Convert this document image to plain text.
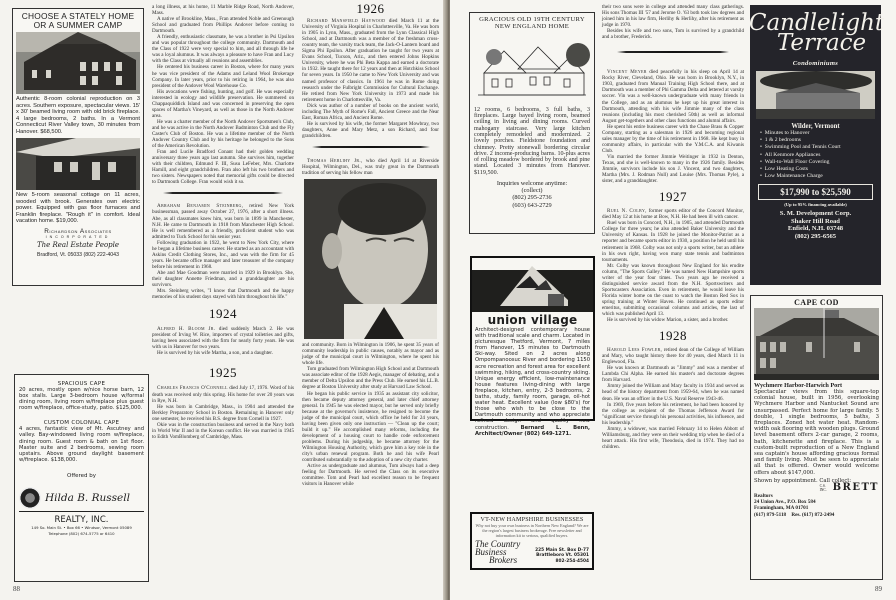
CHOOSE A STATELY HOME OR A SUMMER CAMP
Authentic 8-room colonial reproduction on 3 acres. Southern exposure, spectacular views. 15' x 30' beamed living room with old brick fireplace. 4 large bedrooms, 2 baths. In a Vermont Connecticut River Valley town, 30 minutes from Hanover. $68,500.
New 5-room seasonal cottage on 11 acres, wooded with brook. Generates own electric power. Equipped with gas floor furnaces and Franklin fireplace. "Rough it" in comfort. Ideal vacation home. $19,000.
Richardson Associates
INCORPORATED
The Real Estate People
Bradford, Vt. 05033 (802) 222-4043
SPACIOUS CAPE
20 acres, mostly open w/nice horse barn, 12 box stalls. Large 3-bedroom house w/formal dining room, living room w/fireplace plus guest room w/fireplace, office-study, patio. $125,000.
CUSTOM COLONIAL CAPE
4 acres, fantastic view of Mt. Ascutney and valley. Bay-windowed living room w/fireplace, dining room. Guest room & bath on 1st floor. Master suite and 2 bedrooms, sewing room upstairs. Above ground daylight basement w/fireplace. $138,000.
Offered by
Hilda B. Russell
REALTY, INC.
149 So. Main St. • Box 66 • Windsor, Vermont 05089
Telephone (802) 674-5775 or 6410
88

a long illness, at his home, 11 Marble Ridge Road, North Andover, Mass.

A native of Brookline, Mass., Fran attended Noble and Greenough School and graduated from Phillips Andover before coming to Dartmouth.

A friendly, enthusiastic classmate, he was a brother in Psi Upsilon and was popular throughout the college community. Dartmouth and the Class of 1922 were very special to him, and all through life he was a loyal alumnus. It was always a pleasure to have Fran and Lucy with the Class at virtually all reunions and assemblies.

He centered his business career in Boston, where for many years he was vice president of the Adams and Leland Wool Brokerage Company. In later years, prior to his retiring in 1964, he was also president of the Andover Wool Warehouse Co.

His avocations were fishing, hunting, and golf. He was especially interested in ecology and wildlife preservation. He summered on Chappaquiddick Island and was concerned in preserving the open spaces of Martha's Vineyard, as well as those in the North Andover area.

He was a charter member of the North Andover Sportsmen's Club, and he was active in the North Andover Badminton Club and the Fly Caster's Club of Boston. He was a lifetime member of the North Andover Country Club and by his heritage he belonged to the Sons of the American Revolution.

Fran and Lucile Bradford Conant had their golden wedding anniversary three years ago last autumn. She survives him, together with their children, Edmund F. III, Susu LeFeber, Mrs. Charlotte Hamill, and eight grandchildren. Fran also left his two brothers and two sisters. Newspapers noted that memorial gifts could be directed to Dartmouth College. Fran would wish it so.

Abraham Benjamin Steinberg, retired New York businessman, passed away October 27, 1976, after a short illness. Abe, as all classmates knew him, was born in 1899 in Manchester, N.H. He came to Dartmouth in 1918 from Manchester High School. He is well remembered as a friendly, proficient student who was admitted to Tuck School for his senior year.

Following graduation in 1922, he went to New York City, where he began a lifetime business career. He started as an accountant with Askins Credit Clothing Stores, Inc., and was with the firm for 45 years. He became office manager and later treasurer of the company before his retirement in 1968.

Abe and Mae Goodman were married in 1929 in Brooklyn. She, their daughter Annette Friedman, and a granddaughter are his survivors.

Mrs. Steinberg writes, "I know that Dartmouth and the happy memories of his student days stayed with him throughout his life."

1924

Alfred H. Bloom Jr. died suddenly March 2. He was president of Irving W. Rice, importers of crystal toiletries and gifts, having been associated with the firm for nearly forty years. He was with us in Hanover for two years.

He is survived by his wife Martha, a son, and a daughter.

1925

Charles Francis O'Connell died July 17, 1976. Word of his death was received only this spring. His home for over 20 years was in Rye, N.H.

He was born in Cambridge, Mass., in 1904 and attended the Berkley Preparatory School in Boston. Remaining in Hanover only one semester, he received his B.S. degree from Cornell in 1927.

Okie was in the construction business and served in the Navy both in World War II and in the Korean conflict. He was married in 1945 to Edith VomBlomberg of Cambridge, Mass.

1926

Richard Mansfield Haywood died March 11 at the University of Virginia Hospital in Charlottesville, Va. He was born in 1905 in Lynn, Mass., graduated from the Lynn Classical High School, and at Dartmouth was a member of the freshman cross-country team, the varsity track team, the Jack-O-Lantern board and Sigma Phi Epsilon. After graduation he taught for two years at Evans School, Tucson, Ariz., and then entered Johns Hopkins University, where he was Phi Beta Kappa and earned a doctorate in 1932. He taught there for 12 years and then at Hotchkiss School for seven years. In 1950 he came to New York University and was named professor of classics. In 1961 he was in Rome doing research under the Fulbright Commission for Cultural Exchange. He retired from New York University in 1973 and made his retirement home in Charlottesville, Va.

Dick was author of a number of books on the ancient world, including The Myth of Rome's Fall, Ancient Greece and the Near East, Roman Africa, and Ancient Rome.

He is survived by his wife, the former Margaret Mowbray, two daughters, Anne and Mary Metz, a son Richard, and four grandchildren.

Thomas Herlihy Jr., who died April 14 at Riverside Hospital, Wilmington, Del., was truly great in the Dartmouth tradition of serving his fellow man

and community. Born in Wilmington in 1906, he spent 35 years of community leadership in public causes, notably as mayor and as judge of the municipal court in Wilmington, where he spent his whole life.

Tom graduated from Wilmington High School and at Dartmouth was associate editor of the 1928 Aegis, manager of debating, and a member of Delta Upsilon and the Press Club. He earned his LL.B. degree at Boston University after study at Harvard Law School.

He began his public service in 1935 as assistant city solicitor, then became deputy attorney general, and later chief attorney general. In 1945 he was elected mayor, but he served only briefly because at the governor's insistence, he resigned to become the judge of the municipal court, which office he held for 24 years, having been given only one instruction — "Clean up the court; build it up." He accomplished many reforms, including the development of a housing court to handle code enforcement problems. During his judgeship, he became attorney for the Wilmington Housing Authority, which gave him a key role in the city's urban renewal program. Both he and his wife Pearl contributed substantially to the adoption of a new city charter.

Active as undergraduate and alumnus, Tom always had a deep feeling for Dartmouth. He served the Class on its executive committee. Tom and Pearl had excellent reason to be frequent visitors in Hanover while

GRACIOUS OLD 19TH CENTURY NEW ENGLAND HOME
12 rooms, 6 bedrooms, 3 full baths, 3 fireplaces. Large bayed living room, beamed ceiling in living and dining rooms. Curved mahogany staircase. Very large kitchen completely remodeled and modernized. 2 lovely porches. Fieldstone foundation and chimney. Pretty stonewall bordering circular drive. 2 income-producing barns. 10-plus acres of rolling meadow bordered by brook and pine stand. Located 3 minutes from Hanover. $119,500.
Inquiries welcome anytime:
(collect)
(802) 295-2736
(603) 643-2729
union village
Architect-designed contemporary house with traditional scale and charm. Located in picturesque Thetford, Vermont, 7 miles from Hanover, 15 minutes to Dartmouth Ski-way. Sited on 2 acres along Ompompanoosuc River and bordering 1150 acre recreation and forest area for excellent swimming, hiking, and cross-country skiing. Unique energy efficient, low-maintenance house features living-dining with large fireplace, kitchen, entry, 2-3 bedrooms, 2 baths, study, family room, garage, oil-hot water heat. Excellent value (low $80's) for those who wish to be close to the Dartmouth community and who appreciate refined design and quality new construction. Bernard L. Benn, Architect/Owner (802) 649-1271.
VT-NEW HAMPSHIRE BUSINESSES
Why not buy your own business in Northern New England? We are the region's largest business brokerage. Free newsletter and information kit to serious, qualified buyers.
The Country
Business
Brokers
225 Main St. Box D-77
Brattleboro Vt. 05301
802-254-4504

their two sons were in college and attended many class gatherings. His sons Thomas III '57 and Jerome O. '63 both took law degrees and joined him in his law firm, Herlihy & Herlihy, after his retirement as judge in 1970.

Besides his wife and two sons, Tom is survived by a grandchild and a brother, Frederick.

Vincent Meyer died peacefully in his sleep on April 14 at Rocky River, Cleveland, Ohio. He was born in Brooklyn, N.Y., in 1903, graduated from Manual Training High School there, and at Dartmouth was a member of Phi Gamma Delta and lettered at varsity soccer. Vin was a well-known undergraduate with many friends in the College, and as an alumnus he kept up his great interest in Dartmouth, attending with his wife Jimmie many of the class reunions (including his most cherished 50th) as well as informal August get-togethers and other class functions and alumni affairs.

He spent his entire business career with the Chase Brass & Copper Company, starting as a salesman in 1926 and becoming regional sales manager by the time of his retirement in 1968. He kept busy in community affairs, in particular with the Y.M.C.A. and Kiwanis Club.

Vin married the former Jimmie Weitinger in 1932 in Denton, Texas, and she is well-known to many in the 1926 family. Besides Jimmie, survivors include his son J. Vincent, and two daughters, Martha (Mrs. J. Rodman Null) and Louise (Mrs. Thomas Pyle), a sister, and a granddaughter.

1927

Ruel N. Colby, former sports editor of the Concord Monitor, died May 12 at his home at Bow, N.H. He had been ill with cancer.

Ruel was born in Concord, N.H., in 1905, and attended Dartmouth College for three years; he also attended Baker University and the University of Kansas. In 1928 he joined the Monitor-Patriot as a reporter and became sports editor in 1930, a position he held until his retirement in 1968. Colby was not only a sports writer, but an athlete in his own right, having won many state tennis and badminton tournaments.

Mr. Colby was known throughout New England for his erudite column, "The Sports Galley." He was named New Hampshire sports writer of the year four times. Two years ago he received a distinguished service award from the N.H. Sportswriters and Sportscasters Association. Even in retirement, he would leave his Florida winter home on the coast to watch the Boston Red Sox in spring training at Winter Haven. He continued as sports editor emeritus, submitting occasional columns and articles, the last of which was published April 13.

He is survived by his widow Marion, a sister, and a brother.

1928

Harold Lees Fowler, retired dean of the College of William and Mary, who taught history there for 40 years, died March 11 in Englewood, Fla.

He was known at Dartmouth as "Jimmy" and was a member of Lambda Chi Alpha. He earned his master's and doctorate degrees from Harvard.

Jimmy joined the William and Mary faculty in 1934 and served as head of the history department from 1959-64, when he was named dean. He was an officer in the U.S. Naval Reserve 1943-46.

In 1969, five years before his retirement, he had been honored by the college as recipient of the Thomas Jefferson Award for "significant service through his personal activities, his influence, and his leadership."

Jimmy, a widower, was married February 14 to Helen Abbott of Williamsburg, and they were on their wedding trip when he died of a heart attack. His first wife, Theodosia, died in 1974. They had no children.

Candlelight
Terrace
Condominiums
Wilder, Vermont
•  Minutes to Hanover
•  1 & 2 bedrooms
•  Swimming Pool and Tennis Court
•  All Kenmore Appliances
•  Wall-to-Wall Floor Covering
•  Low Heating Costs
•  Low Maintenance Charge
$17,990 to $25,590
(Up to 95% financing available)
S. M. Development Corp.
Shaker Hill Road
Enfield, N.H. 03748
(802) 295-6565
CAPE COD
Wychmere Harbor-Harwich Port
Spectacular views from this square-top colonial house, built in 1956, overlooking Wychmere Harbor and Nantucket Sound are unsurpassed. Perfect home for large family. 5 double, 1 single bedrooms, 5 baths, 3 fireplaces. Zoned hot water heat. Random-width oak flooring with wooden plugs. Ground level basement offers 2-car garage, 2 rooms, bath, kitchenette and fireplace. This is a custom-built reproduction of a New England sea captain's house affording gracious formal and family living. Must be seen to appreciate all that is offered. Owner would welcome offers about $147,000.
Shown by appointment. Call collect:
C.S. INC. BRETT
Realtors
24 Union Ave., P.O. Box 584
Framingham, MA 01701
(617) 879-5118    Res. (617) 872-2494
89
